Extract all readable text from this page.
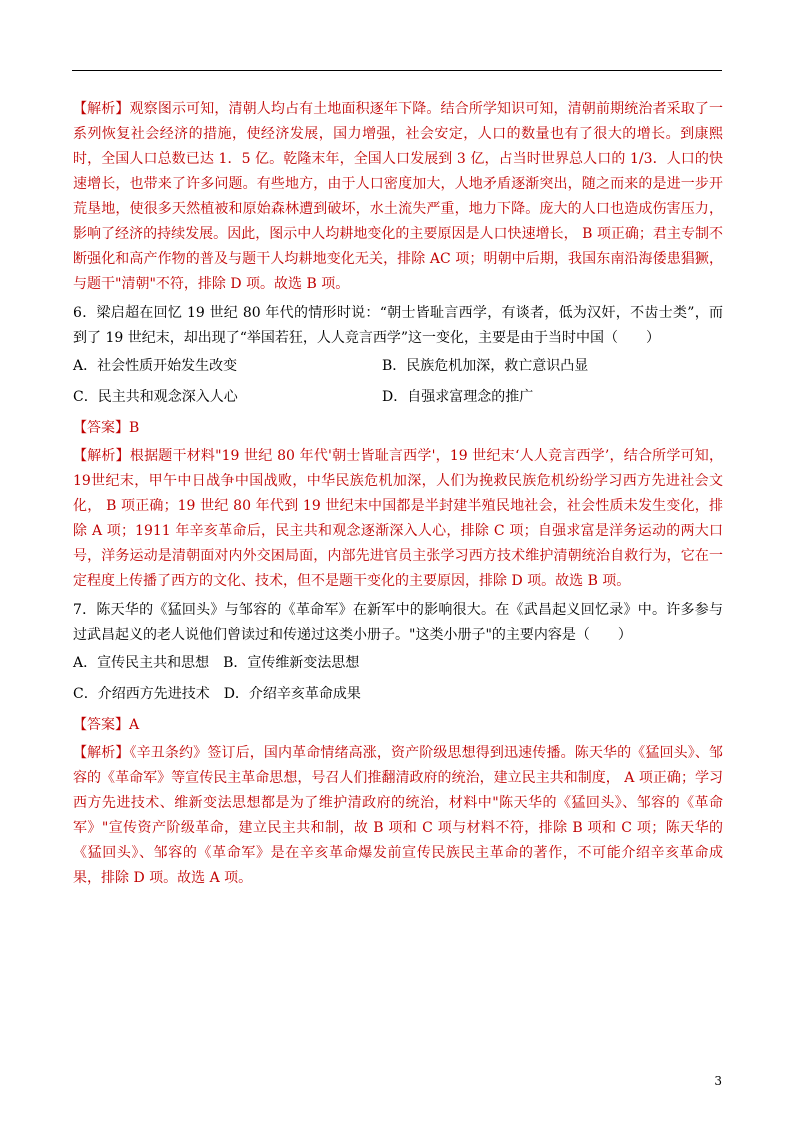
【解析】观察图示可知，清朝人均占有土地面积逐年下降。结合所学知识可知，清朝前期统治者采取了一系列恢复社会经济的措施，使经济发展，国力增强，社会安定，人口的数量也有了很大的增长。到康熙时，全国人口总数已达 1．5 亿。乾隆末年，全国人口发展到 3 亿，占当时世界总人口的 1/3．人口的快速增长，也带来了许多问题。有些地方，由于人口密度加大，人地矛盾逐渐突出，随之而来的是进一步开荒垦地，使很多天然植被和原始森林遭到破坏，水土流失严重，地力下降。庞大的人口也造成伤害压力，影响了经济的持续发展。因此，图示中人均耕地变化的主要原因是人口快速增长， B 项正确；君主专制不断强化和高产作物的普及与题干人均耕地变化无关，排除 AC 项；明朝中后期，我国东南沿海倭患猖獗，与题干"清朝"不符，排除 D 项。故选 B 项。

6．梁启超在回忆 19 世纪 80 年代的情形时说：“朝士皆耻言西学，有谈者，低为汉奸，不齿士类”，而到了 19 世纪末，却出现了“举国若狂，人人竞言西学”这一变化，主要是由于当时中国（　　）

A．社会性质开始发生改变	B．民族危机加深，救亡意识凸显
C．民主共和观念深入人心	D．自强求富理念的推广

【答案】 B

【解析】根据题干材料"19 世纪 80 年代'朝士皆耻言西学'，19 世纪末‘人人竞言西学’，结合所学可知，19世纪末，甲午中日战争中国战败，中华民族危机加深，人们为挽救民族危机纷纷学习西方先进社会文化， B 项正确；19 世纪 80 年代到 19 世纪末中国都是半封建半殖民地社会，社会性质未发生变化，排除 A 项；1911 年辛亥革命后，民主共和观念逐渐深入人心，排除 C 项；自强求富是洋务运动的两大口号，洋务运动是清朝面对内外交困局面，内部先进官员主张学习西方技术维护清朝统治自救行为，它在一定程度上传播了西方的文化、技术，但不是题干变化的主要原因，排除 D 项。故选 B 项。

7．陈天华的《猛回头》与邹容的《革命军》在新军中的影响很大。在《武昌起义回忆录》中。许多参与过武昌起义的老人说他们曾读过和传递过这类小册子。"这类小册子"的主要内容是（　　）

A．宣传民主共和思想　B．宣传维新变法思想

C．介绍西方先进技术　D．介绍辛亥革命成果

【答案】 A

【解析】《辛丑条约》签订后，国内革命情绪高涨，资产阶级思想得到迅速传播。陈天华的《猛回头》、邹容的《革命军》等宣传民主革命思想，号召人们推翻清政府的统治，建立民主共和制度， A 项正确；学习西方先进技术、维新变法思想都是为了维护清政府的统治，材料中"陈天华的《猛回头》、邹容的《革命军》"宣传资产阶级革命，建立民主共和制，故 B 项和 C 项与材料不符，排除 B 项和 C 项；陈天华的《猛回头》、邹容的《革命军》是在辛亥革命爆发前宣传民族民主革命的著作，不可能介绍辛亥革命成果，排除 D 项。故选 A 项。

3
